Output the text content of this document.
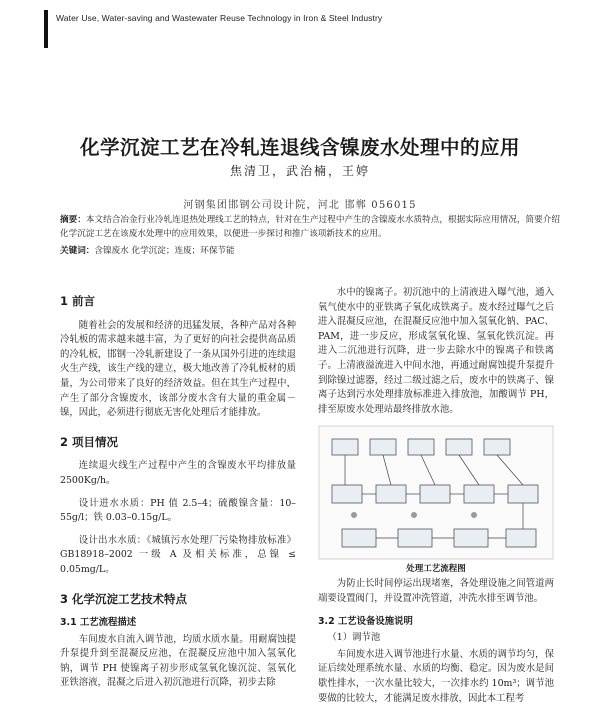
Water Use, Water-saving and Wastewater Reuse Technology in Iron & Steel Industry
化学沉淀工艺在冷轧连退线含镍废水处理中的应用
焦清卫，武治楠，王婷
河钢集团邯钢公司设计院，河北 邯郸 056015
摘要：本文结合冶金行业冷轧连退热处理线工艺的特点，针对在生产过程中产生的含镍废水水质特点，根据实际应用情况，简要介绍化学沉淀工艺在该废水处理中的应用效果，以便进一步探讨和推广该项新技术的应用。
关键词：含镍废水 化学沉淀；连废；环保节能
1 前言

随着社会的发展和经济的迅猛发展，各种产品对各种冷轧板的需求越来越丰富，为了更好的向社会提供高品质的冷轧板，邯钢一冷轧新建设了一条从国外引进的连续退火生产线，该生产线的建立，极大地改善了冷轧板材的质量，为公司带来了良好的经济效益。但在其生产过程中，产生了部分含镍废水，该部分废水含有大量的重金属－镍，因此，必须进行彻底无害化处理后才能排放。

2 项目情况

连续退火线生产过程中产生的含镍废水平均排放量 2500Kg/h。

设计进水水质：PH 值 2.5–4；硫酸镍含量：10–55g/l；铁 0.03–0.15g/L。

设计出水水质：《城镇污水处理厂污染物排放标准》GB18918–2002 一级 A 及相关标准，总镍 ≤ 0.05mg/L。

3 化学沉淀工艺技术特点
3.1 工艺流程描述

车间废水自流入调节池，均质水质水量。用耐腐蚀提升泵提升到至混凝反应池，在混凝反应池中加入氢氧化钠，调节 PH 使镍离子初步形成氢氧化镍沉淀、氢氧化亚铁溶液，混凝之后进入初沉池进行沉降，初步去除

水中的镍离子。初沉池中的上清液进入曝气池，通入氧气使水中的亚铁离子氧化成铁离子。废水经过曝气之后进入混凝反应池，在混凝反应池中加入氢氧化钠、PAC、PAM，进一步反应，形成氢氧化镍、氢氧化铁沉淀。再进入二沉池进行沉降，进一步去除水中的镍离子和铁离子。上清液溢流进入中间水池，再通过耐腐蚀提升泵提升到除镍过滤器，经过二级过滤之后，废水中的铁离子、镍离子达到污水处理排放标准进入排放池，加酸调节 PH，排至原废水处理站最终排放水池。

处理工艺流程图

为防止长时间停运出现堵塞，各处理设施之间管道两端要设置阀门，并设置冲洗管道，冲洗水排至调节池。

3.2 工艺设备设施说明
（1）调节池

车间废水进入调节池进行水量、水质的调节均匀，保证后续处理系统水量、水质的均衡、稳定。因为废水是间歇性排水，一次水量比较大，一次排水约 10m³；调节池要做的比较大，才能满足废水排放，因此本工程考
